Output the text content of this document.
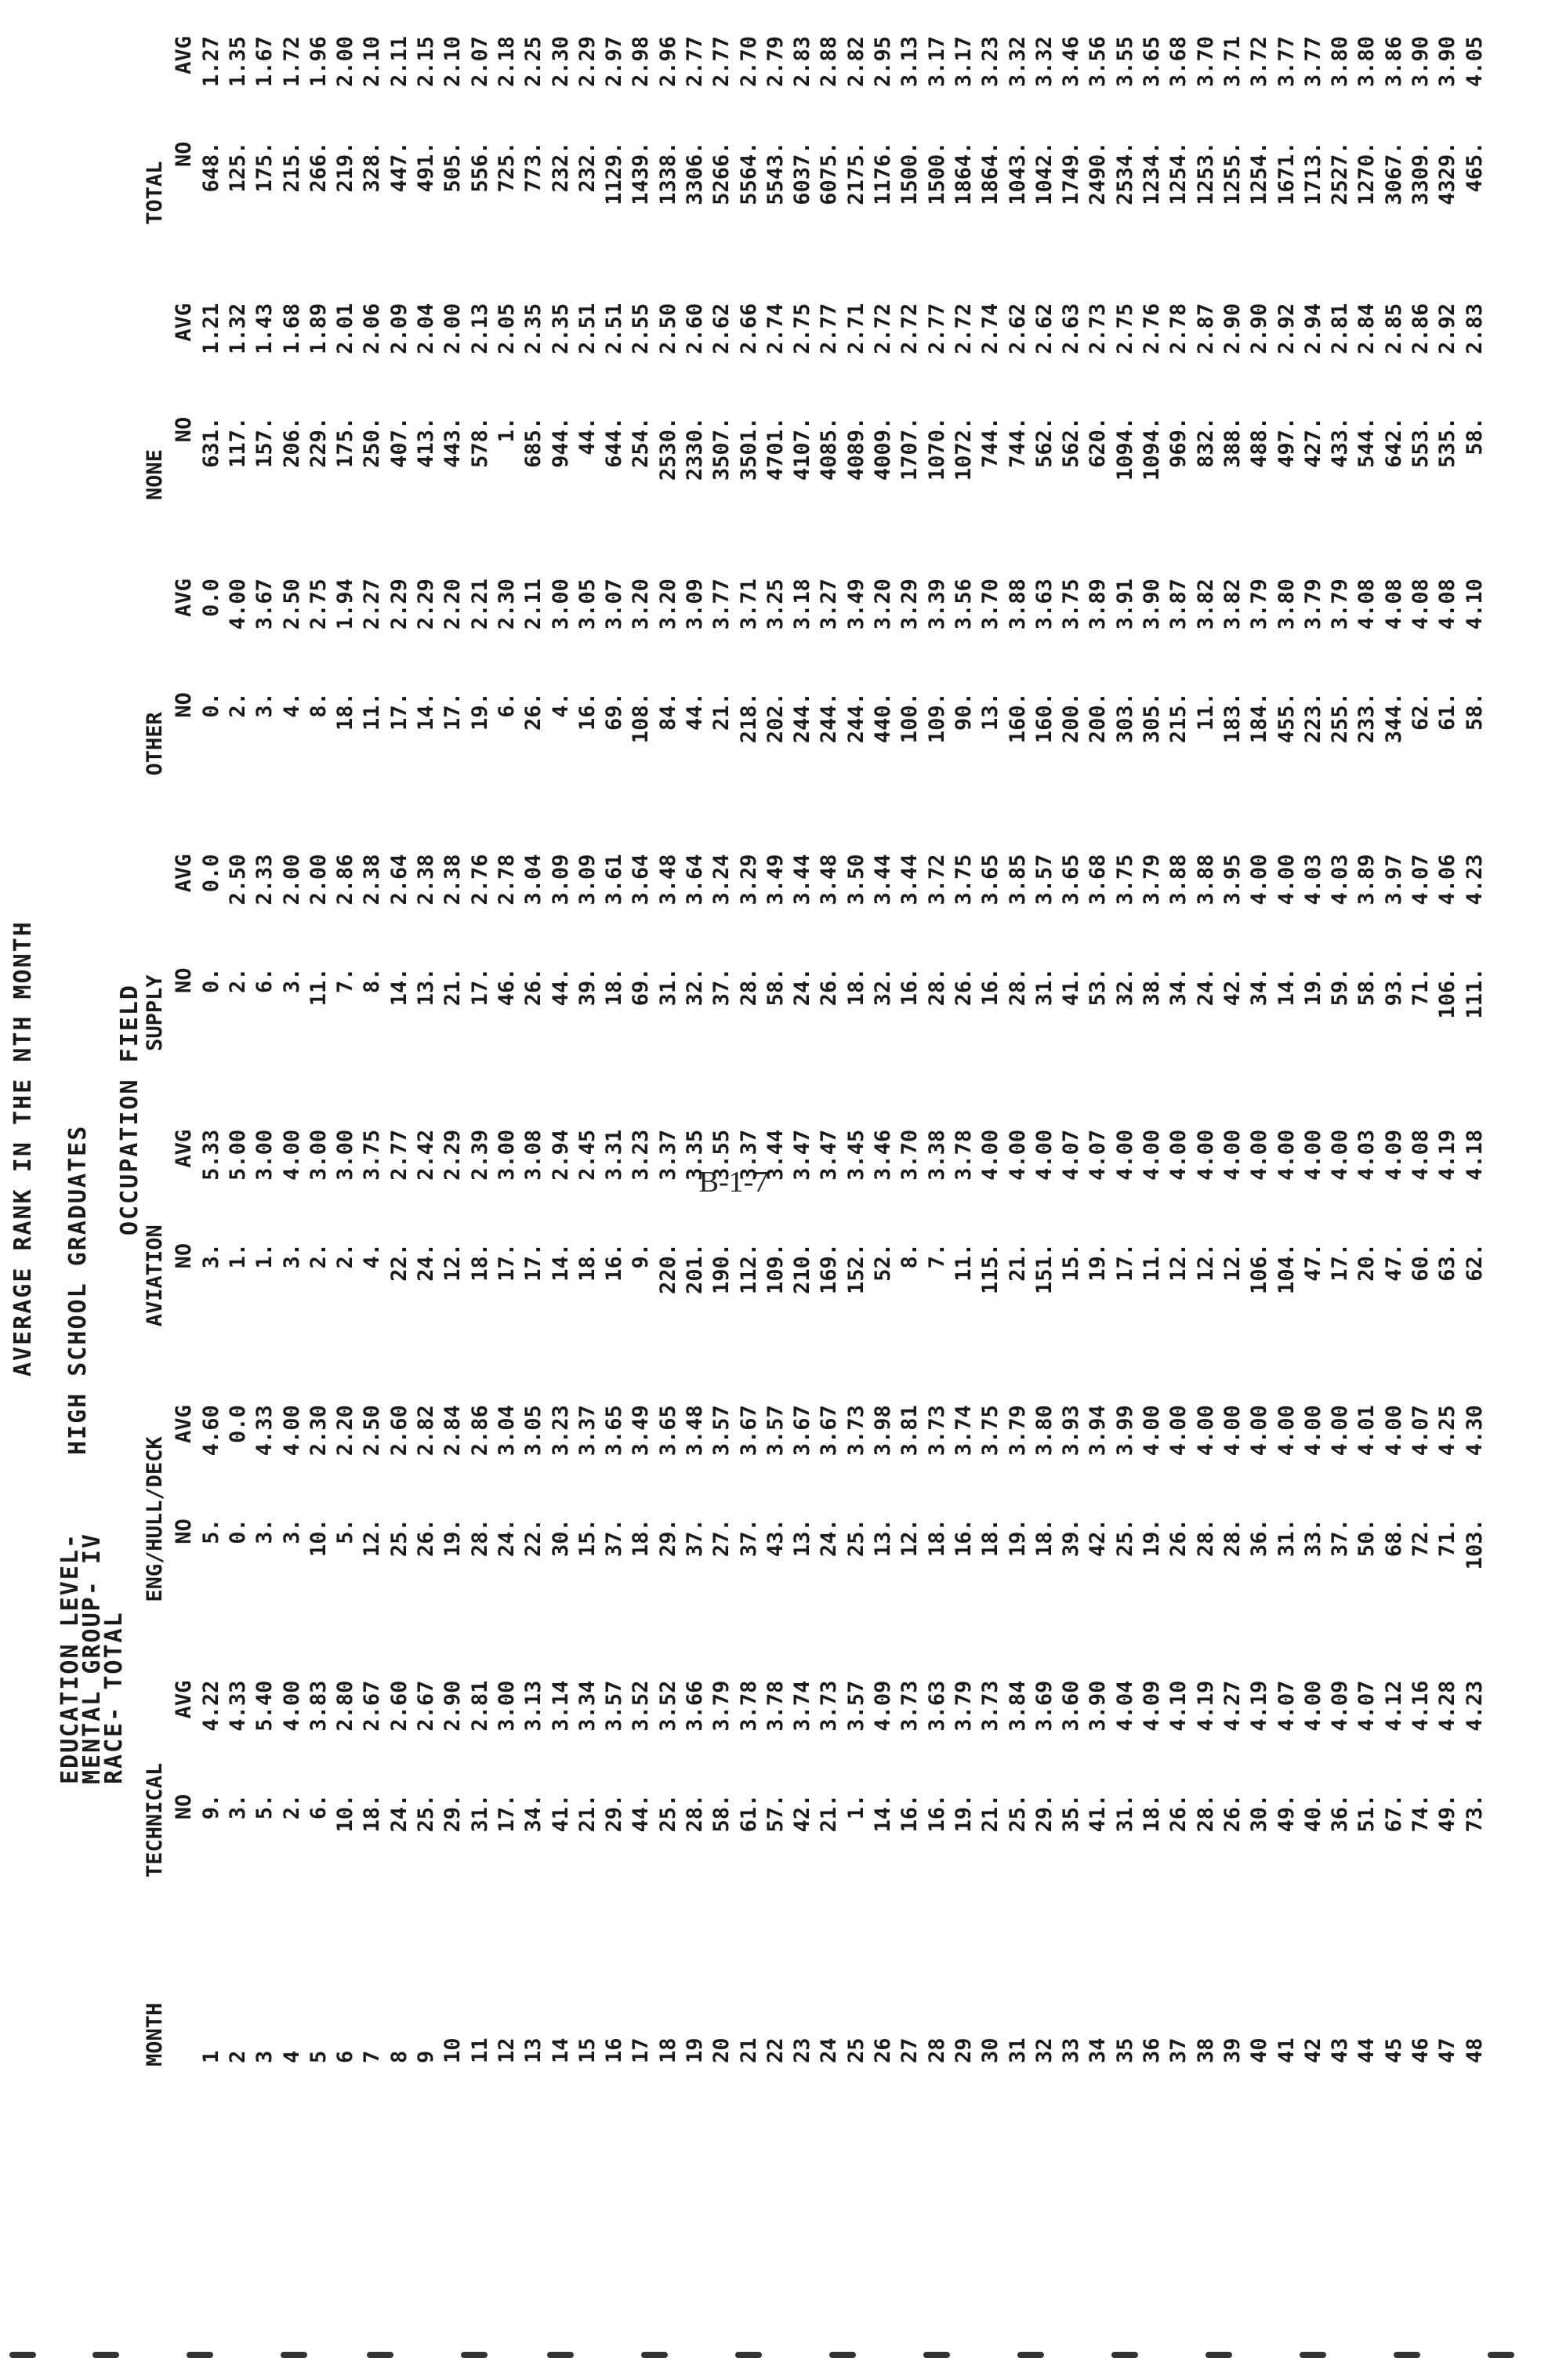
AVERAGE RANK IN THE NTH MONTH HIGH SCHOOL GRADUATES
EDUCATION LEVEL-
MENTAL GROUP- IV
RACE- TOTAL
OCCUPATION FIELD
MONTH	TECHNICAL		ENG/HULL/DECK		AVIATION		SUPPLY		OTHER		NONE		TOTAL	
	NO	AVG	NO	AVG	NO	AVG	NO	AVG	NO	AVG	NO	AVG	NO	AVG
1	9.	4.22	5.	4.60	3.	5.33	0.	0.0	0.	0.0	631.	1.21	648.	1.27
2	3.	4.33	0.	0.0	1.	5.00	2.	2.50	2.	4.00	117.	1.32	125.	1.35
3	5.	5.40	3.	4.33	1.	3.00	6.	2.33	3.	3.67	157.	1.43	175.	1.67
4	2.	4.00	3.	4.00	3.	4.00	3.	2.00	4.	2.50	206.	1.68	215.	1.72
5	6.	3.83	10.	2.30	2.	3.00	11.	2.00	8.	2.75	229.	1.89	266.	1.96
6	10.	2.80	5.	2.20	2.	3.00	7.	2.86	18.	1.94	175.	2.01	219.	2.00
7	18.	2.67	12.	2.50	4.	3.75	8.	2.38	11.	2.27	250.	2.06	328.	2.10
8	24.	2.60	25.	2.60	22.	2.77	14.	2.64	17.	2.29	407.	2.09	447.	2.11
9	25.	2.67	26.	2.82	24.	2.42	13.	2.38	14.	2.29	413.	2.04	491.	2.15
10	29.	2.90	19.	2.84	12.	2.29	21.	2.38	17.	2.20	443.	2.00	505.	2.10
11	31.	2.81	28.	2.86	18.	2.39	17.	2.76	19.	2.21	578.	2.13	556.	2.07
12	17.	3.00	24.	3.04	17.	3.00	46.	2.78	6.	2.30	1.	2.05	725.	2.18
13	34.	3.13	22.	3.05	17.	3.08	26.	3.04	26.	2.11	685.	2.35	773.	2.25
14	41.	3.14	30.	3.23	14.	2.94	44.	3.09	4.	3.00	944.	2.35	232.	2.30
15	21.	3.34	15.	3.37	18.	2.45	39.	3.09	16.	3.05	44.	2.51	232.	2.29
16	29.	3.57	37.	3.65	16.	3.31	18.	3.61	69.	3.07	644.	2.51	1129.	2.97
17	44.	3.52	18.	3.49	9.	3.23	69.	3.64	108.	3.20	254.	2.55	1439.	2.98
18	25.	3.52	29.	3.65	220.	3.37	31.	3.48	84.	3.20	2530.	2.50	1338.	2.96
19	28.	3.66	37.	3.48	201.	3.35	32.	3.64	44.	3.09	2330.	2.60	3306.	2.77
20	58.	3.79	27.	3.57	190.	3.55	37.	3.24	21.	3.77	3507.	2.62	5266.	2.77
21	61.	3.78	37.	3.67	112.	3.37	28.	3.29	218.	3.71	3501.	2.66	5564.	2.70
22	57.	3.78	43.	3.57	109.	3.44	58.	3.49	202.	3.25	4701.	2.74	5543.	2.79
23	42.	3.74	13.	3.67	210.	3.47	24.	3.44	244.	3.18	4107.	2.75	6037.	2.83
24	21.	3.73	24.	3.67	169.	3.47	26.	3.48	244.	3.27	4085.	2.77	6075.	2.88
25	1.	3.57	25.	3.73	152.	3.45	18.	3.50	244.	3.49	4089.	2.71	2175.	2.82
26	14.	4.09	13.	3.98	52.	3.46	32.	3.44	440.	3.20	4009.	2.72	1176.	2.95
27	16.	3.73	12.	3.81	8.	3.70	16.	3.44	100.	3.29	1707.	2.72	1500.	3.13
28	16.	3.63	18.	3.73	7.	3.38	28.	3.72	109.	3.39	1070.	2.77	1500.	3.17
29	19.	3.79	16.	3.74	11.	3.78	26.	3.75	90.	3.56	1072.	2.72	1864.	3.17
30	21.	3.73	18.	3.75	115.	4.00	16.	3.65	13.	3.70	744.	2.74	1864.	3.23
31	25.	3.84	19.	3.79	21.	4.00	28.	3.85	160.	3.88	744.	2.62	1043.	3.32
32	29.	3.69	18.	3.80	151.	4.00	31.	3.57	160.	3.63	562.	2.62	1042.	3.32
33	35.	3.60	39.	3.93	15.	4.07	41.	3.65	200.	3.75	562.	2.63	1749.	3.46
34	41.	3.90	42.	3.94	19.	4.07	53.	3.68	200.	3.89	620.	2.73	2490.	3.56
35	31.	4.04	25.	3.99	17.	4.00	32.	3.75	303.	3.91	1094.	2.75	2534.	3.55
36	18.	4.09	19.	4.00	11.	4.00	38.	3.79	305.	3.90	1094.	2.76	1234.	3.65
37	26.	4.10	26.	4.00	12.	4.00	34.	3.88	215.	3.87	969.	2.78	1254.	3.68
38	28.	4.19	28.	4.00	12.	4.00	24.	3.88	11.	3.82	832.	2.87	1253.	3.70
39	26.	4.27	28.	4.00	12.	4.00	42.	3.95	183.	3.82	388.	2.90	1255.	3.71
40	30.	4.19	36.	4.00	106.	4.00	34.	4.00	184.	3.79	488.	2.90	1254.	3.72
41	49.	4.07	31.	4.00	104.	4.00	14.	4.00	455.	3.80	497.	2.92	1671.	3.77
42	40.	4.00	33.	4.00	47.	4.00	19.	4.03	223.	3.79	427.	2.94	1713.	3.77
43	36.	4.09	37.	4.00	17.	4.00	59.	4.03	255.	3.79	433.	2.81	2527.	3.80
44	51.	4.07	50.	4.01	20.	4.03	58.	3.89	233.	4.08	544.	2.84	1270.	3.80
45	67.	4.12	68.	4.00	47.	4.09	93.	3.97	344.	4.08	642.	2.85	3067.	3.86
46	74.	4.16	72.	4.07	60.	4.08	71.	4.07	62.	4.08	553.	2.86	3309.	3.90
47	49.	4.28	71.	4.25	63.	4.19	106.	4.06	61.	4.08	535.	2.92	4329.	3.90
48	73.	4.23	103.	4.30	62.	4.18	111.	4.23	58.	4.10	58.	2.83	465.	4.05
B-1-7
